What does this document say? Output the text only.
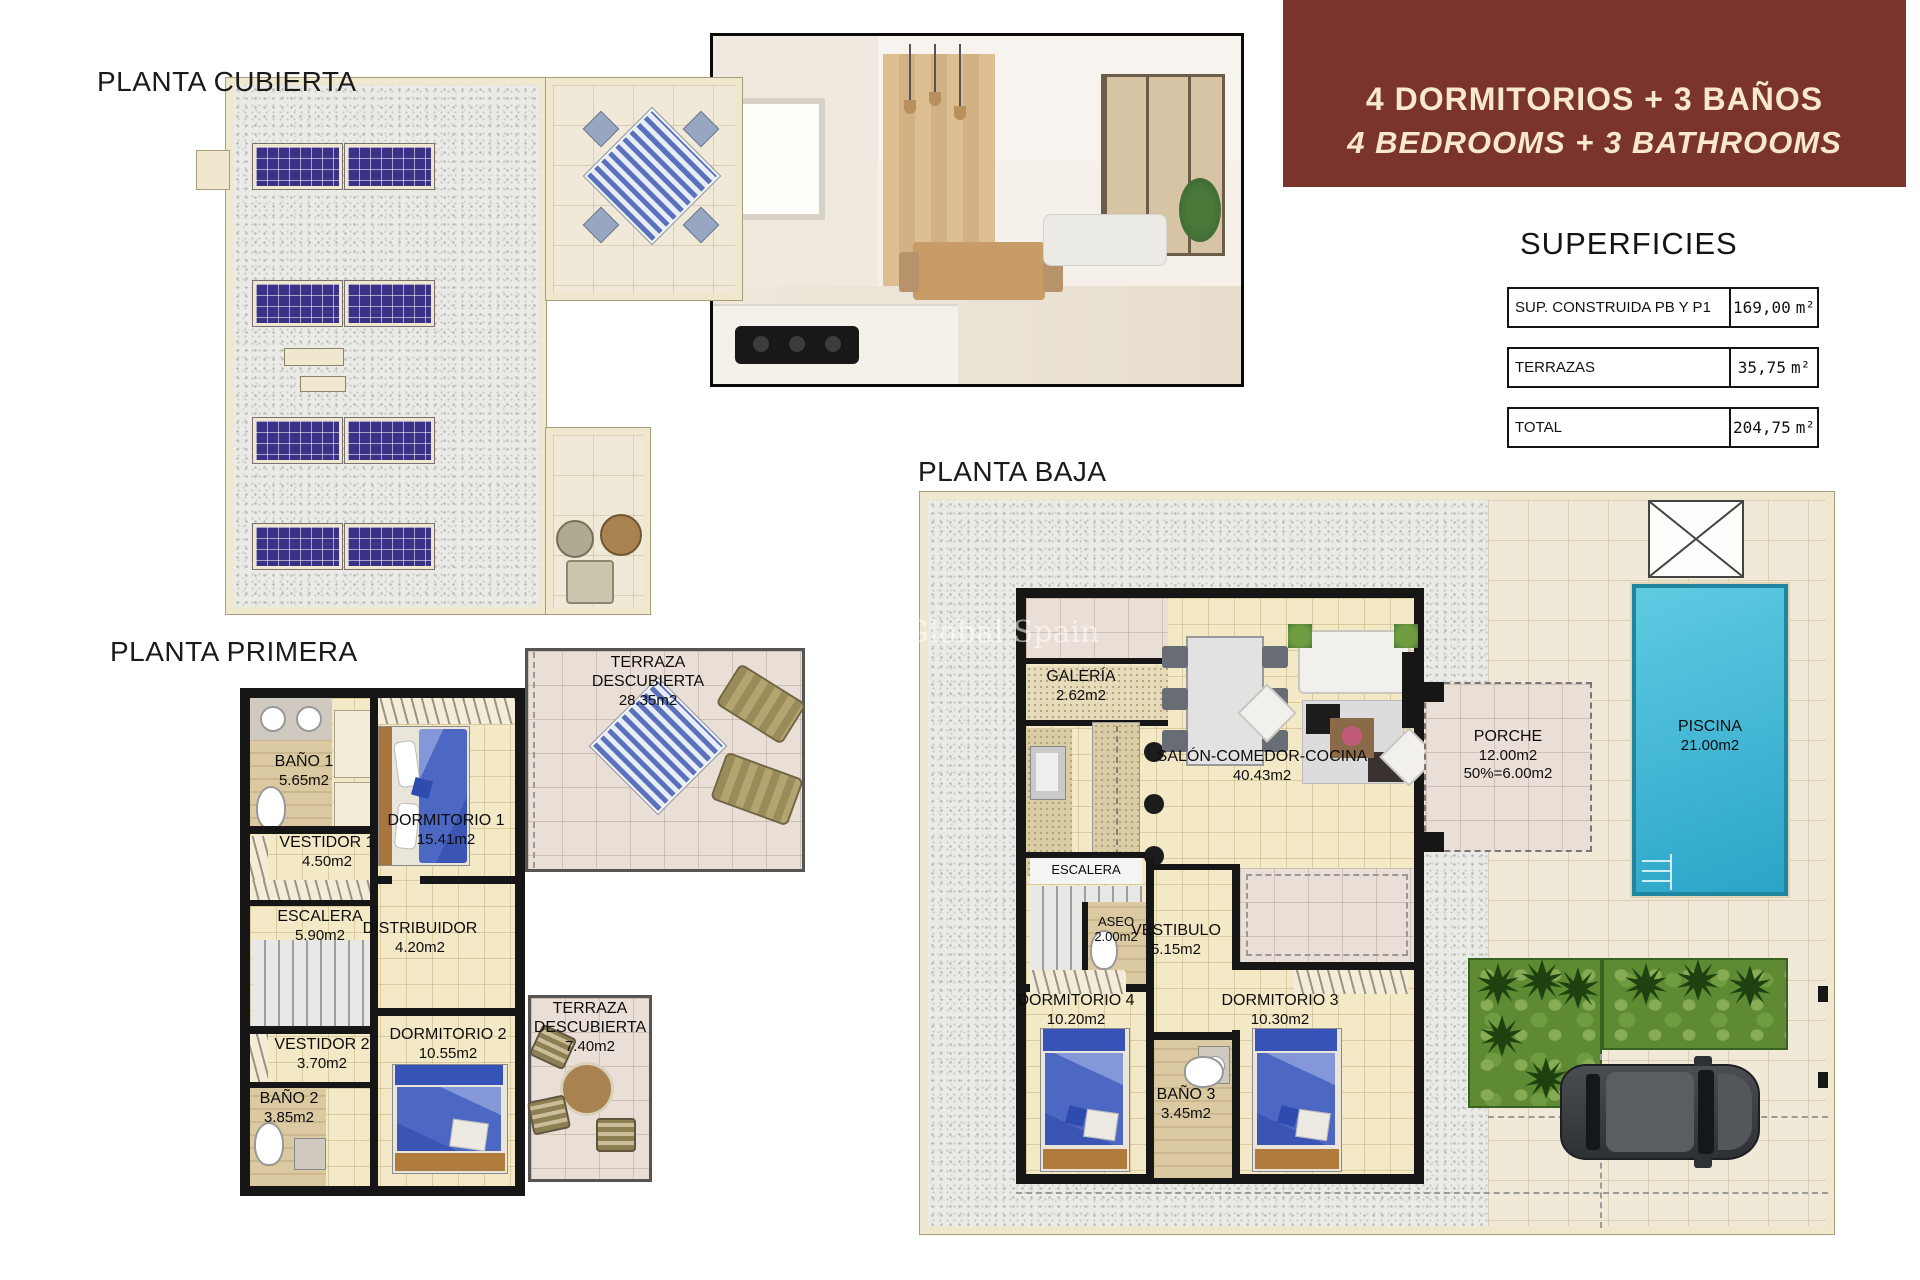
PLANTA CUBIERTA
PLANTA PRIMERA
PLANTA BAJA
4 DORMITORIOS + 3 BAÑOS
4 BEDROOMS + 3 BATHROOMS
SUPERFICIES
SUP. CONSTRUIDA PB Y P1	169,00 m²
TERRAZAS	35,75 m²
TOTAL	204,75 m²
BAÑO 1
5.65m2
VESTIDOR 1
4.50m2
DORMITORIO 1
15.41m2
ESCALERA
5.90m2	DISTRIBUIDOR
4.20m2
VESTIDOR 2
3.70m2
BAÑO 2
3.85m2
DORMITORIO 2
10.55m2
TERRAZA DESCUBIERTA
28.35m2
TERRAZA DESCUBIERTA
7.40m2
Global Spain
PISCINA
21.00m2
GALERÍA
2.62m2
SALÓN-COMEDOR-COCINA
40.43m2
ESCALERA
ASEO
2.00m2
VESTIBULO
5.15m2
DORMITORIO 4
10.20m2
BAÑO 3
3.45m2
DORMITORIO 3
10.30m2
PORCHE
12.00m2
50%=6.00m2
